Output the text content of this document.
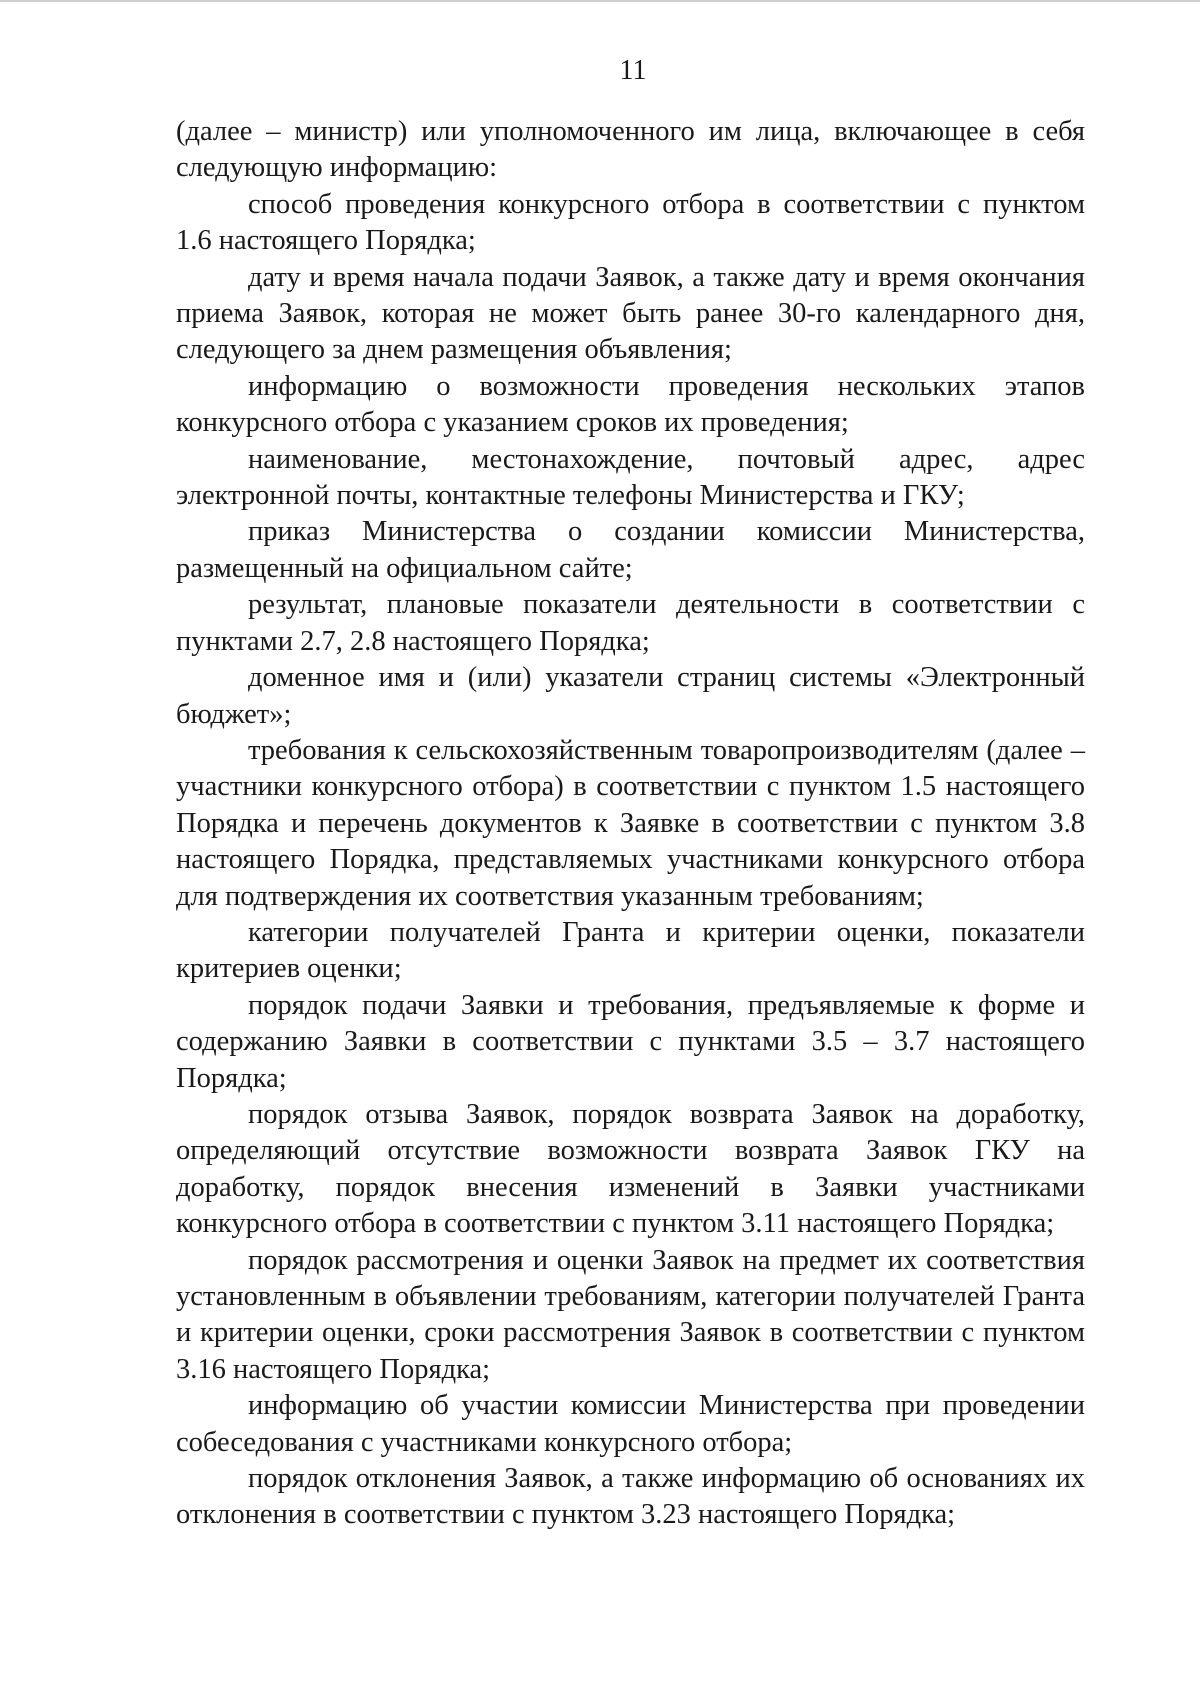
11

(далее – министр) или уполномоченного им лица, включающее в себя следующую информацию:

способ проведения конкурсного отбора в соответствии с пунктом 1.6 настоящего Порядка;

дату и время начала подачи Заявок, а также дату и время окончания приема Заявок, которая не может быть ранее 30-го календарного дня, следующего за днем размещения объявления;

информацию о возможности проведения нескольких этапов конкурсного отбора с указанием сроков их проведения;

наименование, местонахождение, почтовый адрес, адрес электронной почты, контактные телефоны Министерства и ГКУ;

приказ Министерства о создании комиссии Министерства, размещенный на официальном сайте;

результат, плановые показатели деятельности в соответствии с пунктами 2.7, 2.8 настоящего Порядка;

доменное имя и (или) указатели страниц системы «Электронный бюджет»;

требования к сельскохозяйственным товаропроизводителям (далее – участники конкурсного отбора) в соответствии с пунктом 1.5 настоящего Порядка и перечень документов к Заявке в соответствии с пунктом 3.8 настоящего Порядка, представляемых участниками конкурсного отбора для подтверждения их соответствия указанным требованиям;

категории получателей Гранта и критерии оценки, показатели критериев оценки;

порядок подачи Заявки и требования, предъявляемые к форме и содержанию Заявки в соответствии с пунктами 3.5 – 3.7 настоящего Порядка;

порядок отзыва Заявок, порядок возврата Заявок на доработку, определяющий отсутствие возможности возврата Заявок ГКУ на доработку, порядок внесения изменений в Заявки участниками конкурсного отбора в соответствии с пунктом 3.11 настоящего Порядка;

порядок рассмотрения и оценки Заявок на предмет их соответствия установленным в объявлении требованиям, категории получателей Гранта и критерии оценки, сроки рассмотрения Заявок в соответствии с пунктом 3.16 настоящего Порядка;

информацию об участии комиссии Министерства при проведении собеседования с участниками конкурсного отбора;

порядок отклонения Заявок, а также информацию об основаниях их отклонения в соответствии с пунктом 3.23 настоящего Порядка;
